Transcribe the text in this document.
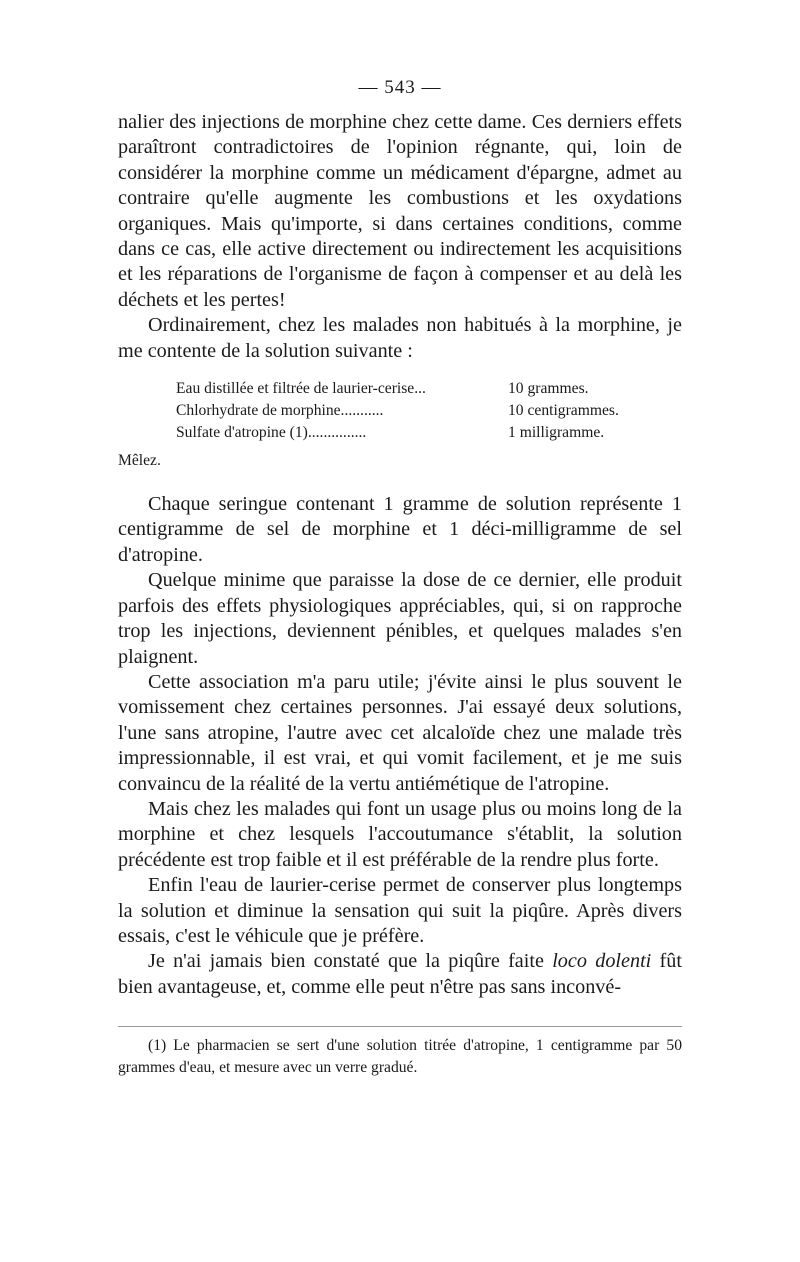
— 543 —

nalier des injections de morphine chez cette dame. Ces derniers effets paraîtront contradictoires de l'opinion régnante, qui, loin de considérer la morphine comme un médicament d'épargne, admet au contraire qu'elle augmente les combustions et les oxydations organiques. Mais qu'importe, si dans certaines conditions, comme dans ce cas, elle active directement ou indirectement les acquisitions et les réparations de l'organisme de façon à compenser et au delà les déchets et les pertes!

Ordinairement, chez les malades non habitués à la morphine, je me contente de la solution suivante :

Eau distillée et filtrée de laurier-cerise...	10 grammes.
Chlorhydrate de morphine...........	10 centigrammes.
Sulfate d'atropine (1)...............	1 milligramme.
Mêlez.

Chaque seringue contenant 1 gramme de solution représente 1 centigramme de sel de morphine et 1 déci-milligramme de sel d'atropine.

Quelque minime que paraisse la dose de ce dernier, elle produit parfois des effets physiologiques appréciables, qui, si on rapproche trop les injections, deviennent pénibles, et quelques malades s'en plaignent.

Cette association m'a paru utile; j'évite ainsi le plus souvent le vomissement chez certaines personnes. J'ai essayé deux solutions, l'une sans atropine, l'autre avec cet alcaloïde chez une malade très impressionnable, il est vrai, et qui vomit facilement, et je me suis convaincu de la réalité de la vertu antiémétique de l'atropine.

Mais chez les malades qui font un usage plus ou moins long de la morphine et chez lesquels l'accoutumance s'établit, la solution précédente est trop faible et il est préférable de la rendre plus forte.

Enfin l'eau de laurier-cerise permet de conserver plus longtemps la solution et diminue la sensation qui suit la piqûre. Après divers essais, c'est le véhicule que je préfère.

Je n'ai jamais bien constaté que la piqûre faite loco dolenti fût bien avantageuse, et, comme elle peut n'être pas sans inconvé-

(1) Le pharmacien se sert d'une solution titrée d'atropine, 1 centigramme par 50 grammes d'eau, et mesure avec un verre gradué.
